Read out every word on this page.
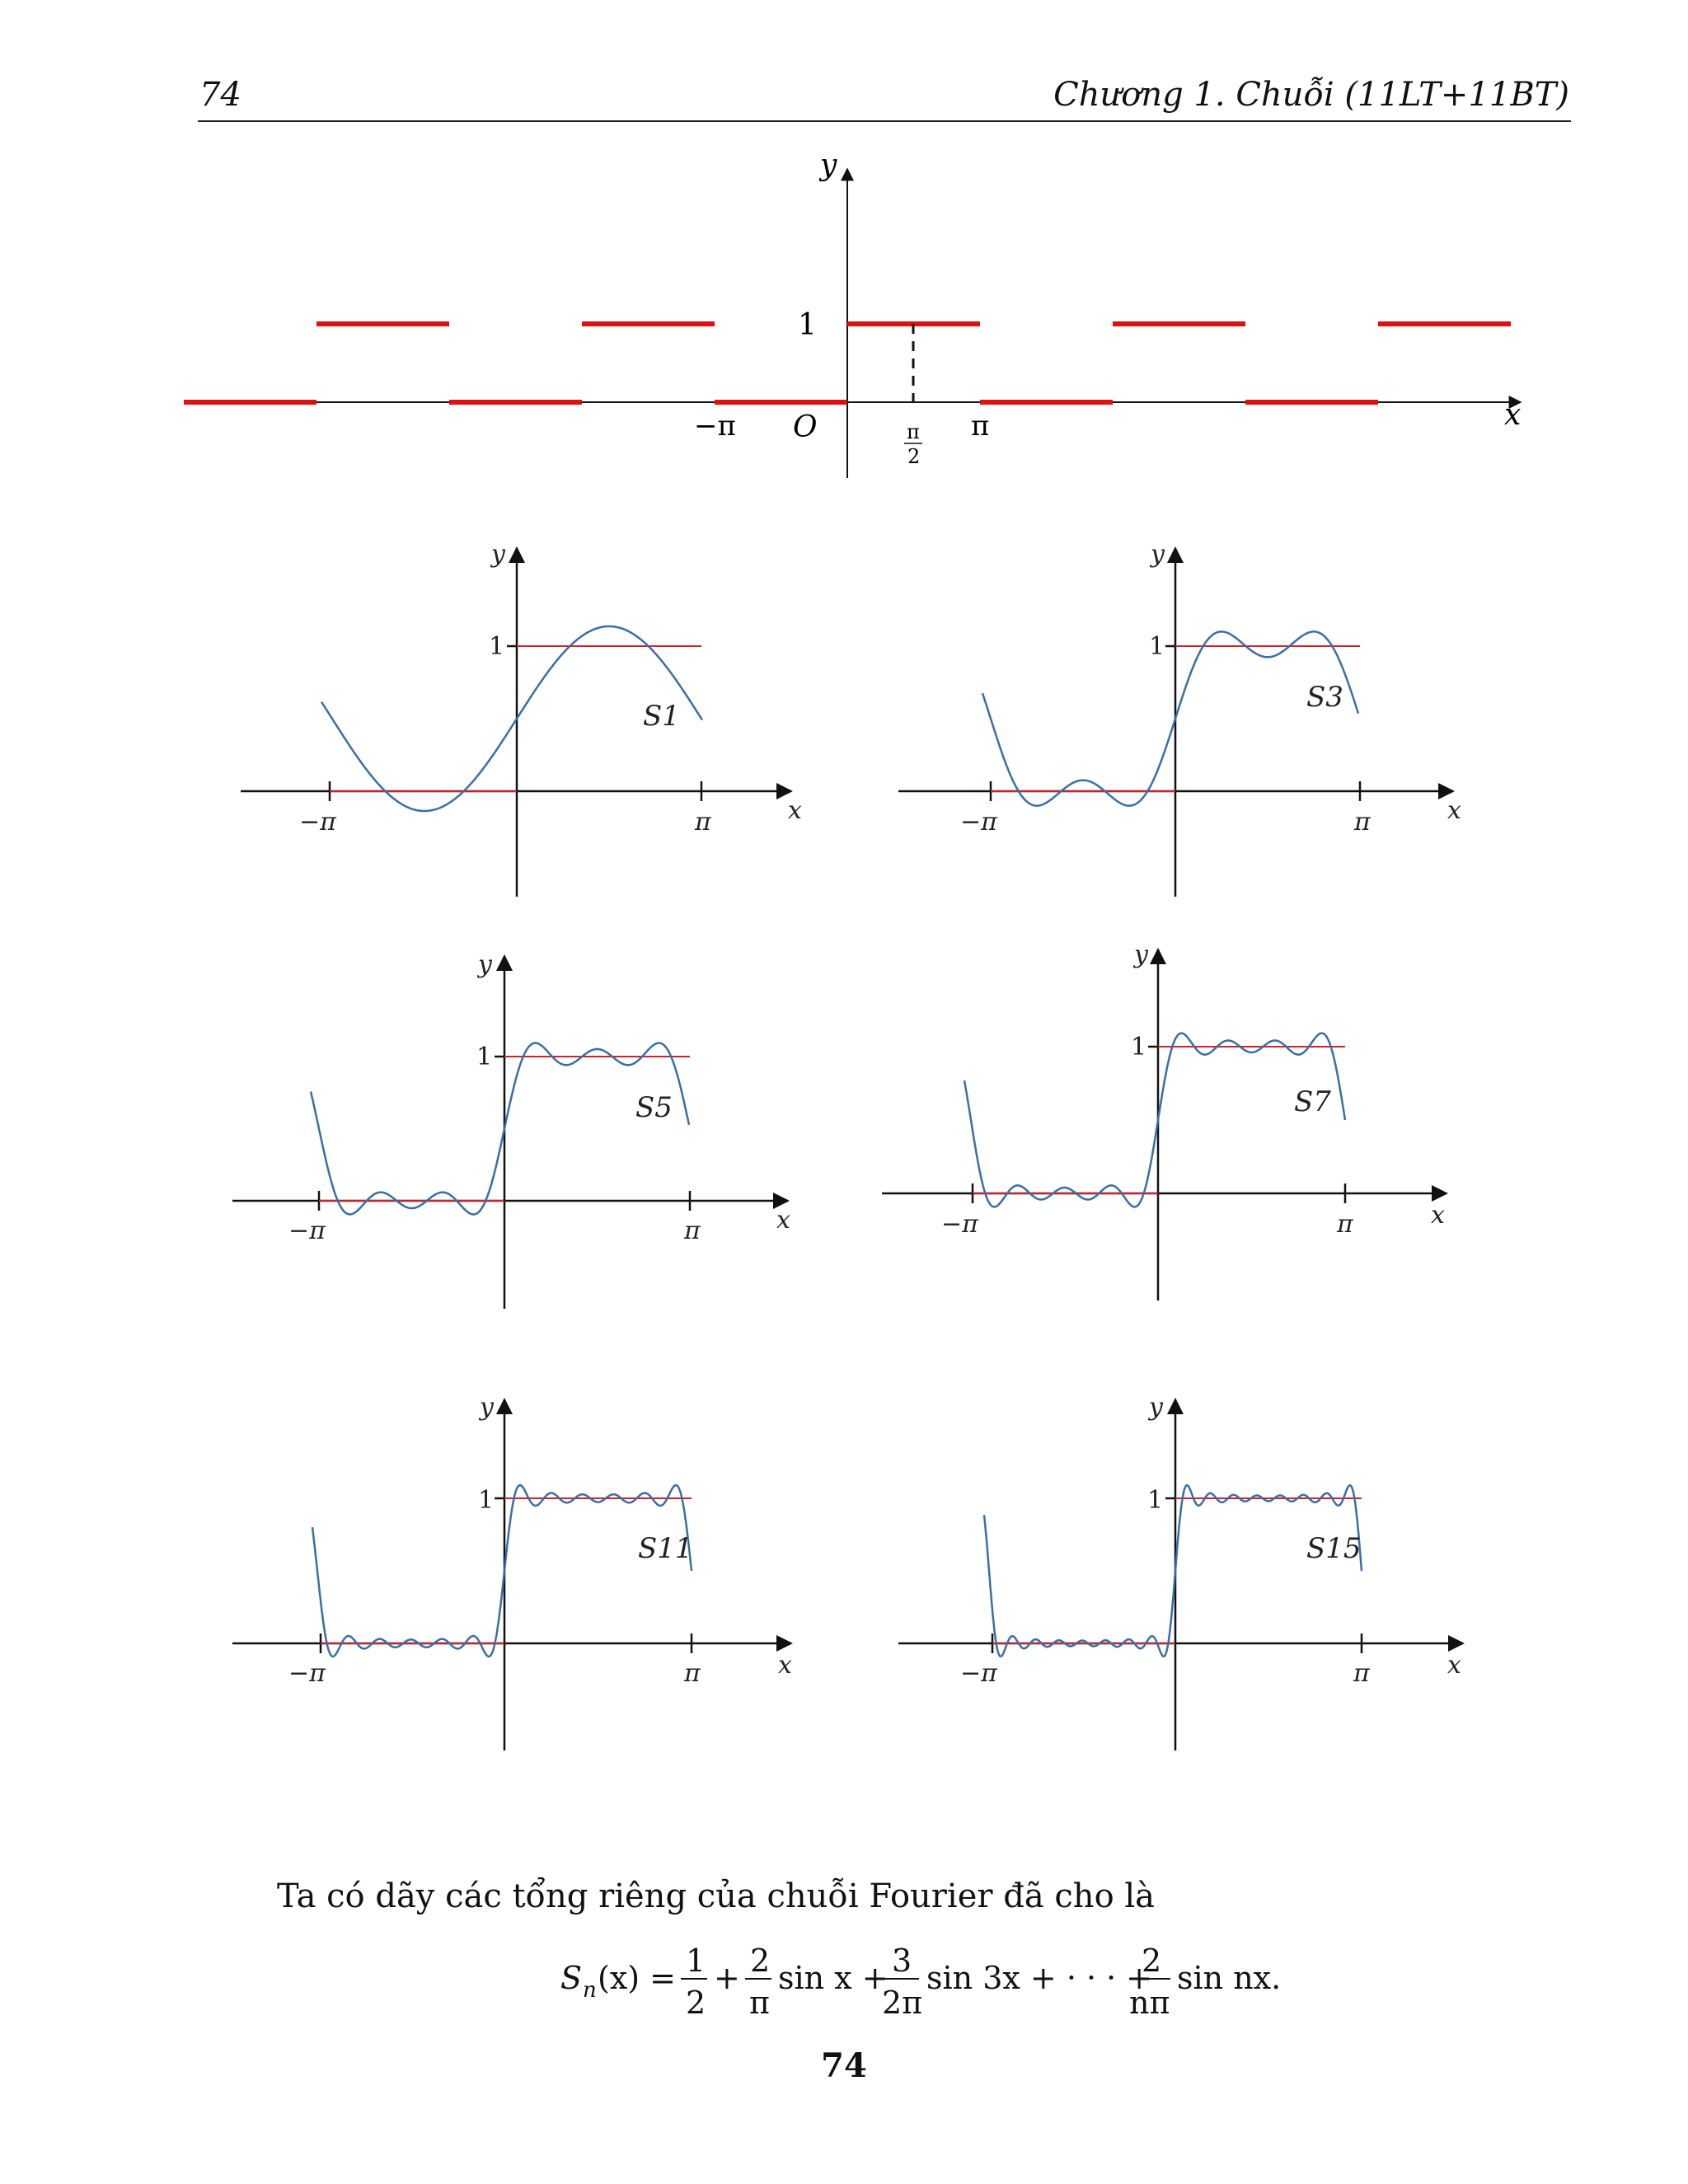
74	Chương 1. Chuỗi (11LT+11BT)
y
x
1
O
−π	π
π
2
S1
1
−π	π	x
y
S3
1
−π	π	x
y
S5
1
−π	π	x
y
S7
1
−π	π	x
y
S11
1
−π	π	x
y
S15
1
−π	π	x
y
Ta có dãy các tổng riêng của chuỗi Fourier đã cho là
S n (x) = 1
2
+ 2
π
sin x + 3
2π
sin 3x + · · · +
2
nπ
sin nx.
74
